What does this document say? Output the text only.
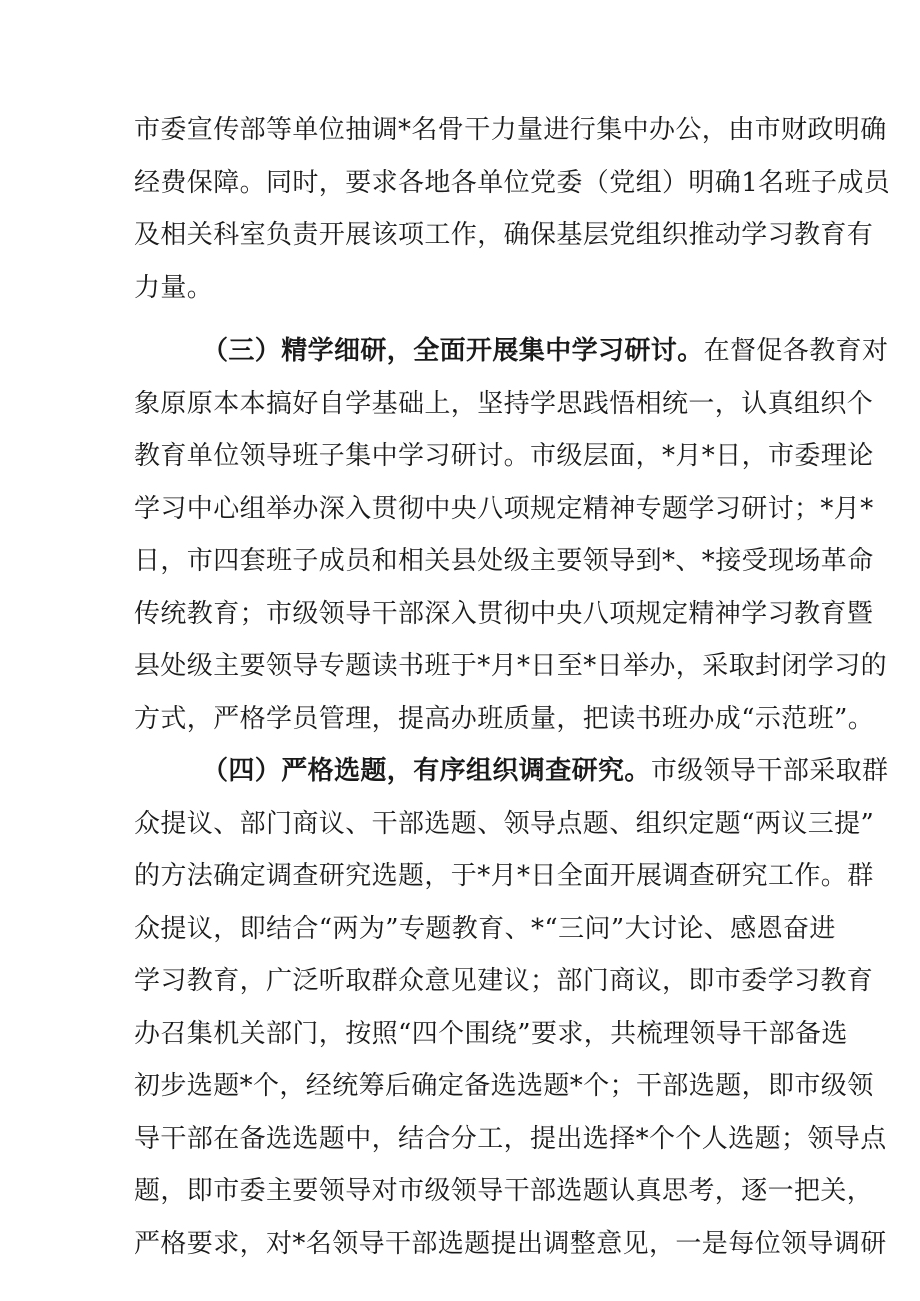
市委宣传部等单位抽调*名骨干力量进行集中办公，由市财政明确
经费保障。同时，要求各地各单位党委（党组）明确1名班子成员
及相关科室负责开展该项工作，确保基层党组织推动学习教育有
力量。
（三）精学细研，全面开展集中学习研讨。在督促各教育对
象原原本本搞好自学基础上，坚持学思践悟相统一，认真组织个
教育单位领导班子集中学习研讨。市级层面，*月*日，市委理论
学习中心组举办深入贯彻中央八项规定精神专题学习研讨；*月*
日，市四套班子成员和相关县处级主要领导到*、*接受现场革命
传统教育；市级领导干部深入贯彻中央八项规定精神学习教育暨
县处级主要领导专题读书班于*月*日至*日举办，采取封闭学习的
方式，严格学员管理，提高办班质量，把读书班办成“示范班”。
（四）严格选题，有序组织调查研究。市级领导干部采取群
众提议、部门商议、干部选题、领导点题、组织定题“两议三提”
的方法确定调查研究选题，于*月*日全面开展调查研究工作。群
众提议，即结合“两为”专题教育、*“三问”大讨论、感恩奋进
学习教育，广泛听取群众意见建议；部门商议，即市委学习教育
办召集机关部门，按照“四个围绕”要求，共梳理领导干部备选
初步选题*个，经统筹后确定备选选题*个；干部选题，即市级领
导干部在备选选题中，结合分工，提出选择*个个人选题；领导点
题，即市委主要领导对市级领导干部选题认真思考，逐一把关，
严格要求，对*名领导干部选题提出调整意见，一是每位领导调研
